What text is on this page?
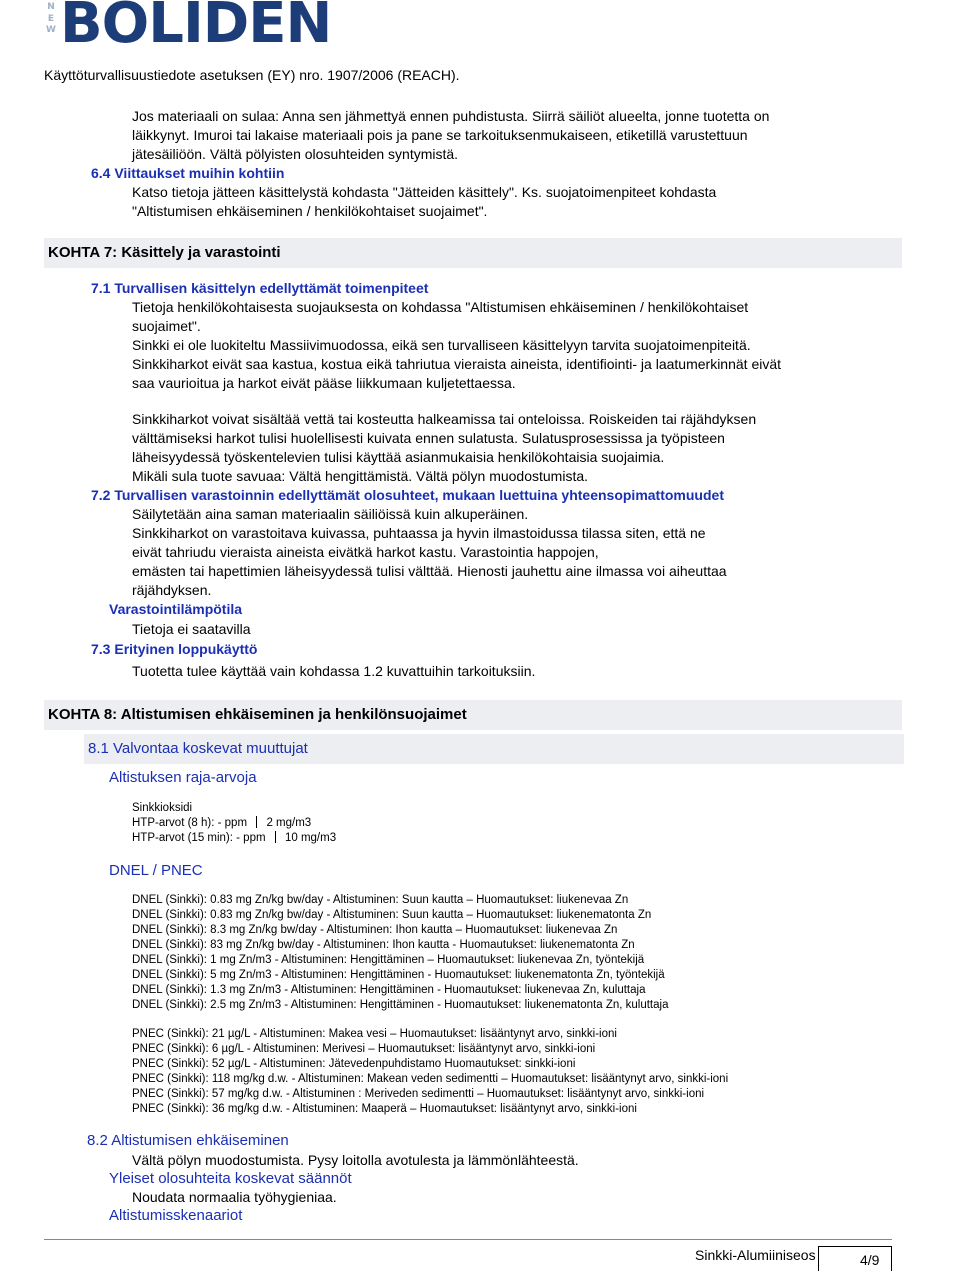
N
E
W BOLIDEN
Käyttöturvallisuustiedote asetuksen (EY) nro. 1907/2006 (REACH).
Jos materiaali on sulaa: Anna sen jähmettyä ennen puhdistusta. Siirrä säiliöt alueelta, jonne tuotetta on
läikkynyt. Imuroi tai lakaise materiaali pois ja pane se tarkoituksenmukaiseen, etiketillä varustettuun
jätesäiliöön. Vältä pölyisten olosuhteiden syntymistä.
6.4 Viittaukset muihin kohtiin
Katso tietoja jätteen käsittelystä kohdasta "Jätteiden käsittely". Ks. suojatoimenpiteet kohdasta
"Altistumisen ehkäiseminen / henkilökohtaiset suojaimet".
KOHTA 7: Käsittely ja varastointi
7.1 Turvallisen käsittelyn edellyttämät toimenpiteet
Tietoja henkilökohtaisesta suojauksesta on kohdassa "Altistumisen ehkäiseminen / henkilökohtaiset
suojaimet".
Sinkki ei ole luokiteltu Massiivimuodossa, eikä sen turvalliseen käsittelyyn tarvita suojatoimenpiteitä.
Sinkkiharkot eivät saa kastua, kostua eikä tahriutua vieraista aineista, identifiointi- ja laatumerkinnät eivät
saa vaurioitua ja harkot eivät pääse liikkumaan kuljetettaessa.
Sinkkiharkot voivat sisältää vettä tai kosteutta halkeamissa tai onteloissa. Roiskeiden tai räjähdyksen
välttämiseksi harkot tulisi huolellisesti kuivata ennen sulatusta. Sulatusprosessissa ja työpisteen
läheisyydessä työskentelevien tulisi käyttää asianmukaisia henkilökohtaisia suojaimia.
Mikäli sula tuote savuaa: Vältä hengittämistä. Vältä pölyn muodostumista.
7.2 Turvallisen varastoinnin edellyttämät olosuhteet, mukaan luettuina yhteensopimattomuudet
Säilytetään aina saman materiaalin säiliöissä kuin alkuperäinen.
Sinkkiharkot on varastoitava kuivassa, puhtaassa ja hyvin ilmastoidussa tilassa siten, että ne
eivät tahriudu vieraista aineista eivätkä harkot kastu. Varastointia happojen,
emästen tai hapettimien läheisyydessä tulisi välttää. Hienosti jauhettu aine ilmassa voi aiheuttaa
räjähdyksen.
Varastointilämpötila
Tietoja ei saatavilla
7.3 Erityinen loppukäyttö
Tuotetta tulee käyttää vain kohdassa 1.2 kuvattuihin tarkoituksiin.
KOHTA 8: Altistumisen ehkäiseminen ja henkilönsuojaimet
8.1 Valvontaa koskevat muuttujat
Altistuksen raja-arvoja
Sinkkioksidi
HTP-arvot (8 h): - ppm 2 mg/m3
HTP-arvot (15 min): - ppm 10 mg/m3
DNEL / PNEC
DNEL (Sinkki): 0.83 mg Zn/kg bw/day - Altistuminen: Suun kautta – Huomautukset: liukenevaa Zn
DNEL (Sinkki): 0.83 mg Zn/kg bw/day - Altistuminen: Suun kautta – Huomautukset: liukenematonta Zn
DNEL (Sinkki): 8.3 mg Zn/kg bw/day - Altistuminen: Ihon kautta – Huomautukset: liukenevaa Zn
DNEL (Sinkki): 83 mg Zn/kg bw/day - Altistuminen: Ihon kautta - Huomautukset: liukenematonta Zn
DNEL (Sinkki): 1 mg Zn/m3 - Altistuminen: Hengittäminen – Huomautukset: liukenevaa Zn, työntekijä
DNEL (Sinkki): 5 mg Zn/m3 - Altistuminen: Hengittäminen - Huomautukset: liukenematonta Zn, työntekijä
DNEL (Sinkki): 1.3 mg Zn/m3 - Altistuminen: Hengittäminen - Huomautukset: liukenevaa Zn, kuluttaja
DNEL (Sinkki): 2.5 mg Zn/m3 - Altistuminen: Hengittäminen - Huomautukset: liukenematonta Zn, kuluttaja
PNEC (Sinkki): 21 µg/L - Altistuminen: Makea vesi – Huomautukset: lisääntynyt arvo, sinkki-ioni
PNEC (Sinkki): 6 µg/L - Altistuminen: Merivesi – Huomautukset: lisääntynyt arvo, sinkki-ioni
PNEC (Sinkki): 52 µg/L - Altistuminen: Jätevedenpuhdistamo Huomautukset: sinkki-ioni
PNEC (Sinkki): 118 mg/kg d.w. - Altistuminen: Makean veden sedimentti – Huomautukset: lisääntynyt arvo, sinkki-ioni
PNEC (Sinkki): 57 mg/kg d.w. - Altistuminen : Meriveden sedimentti – Huomautukset: lisääntynyt arvo, sinkki-ioni
PNEC (Sinkki): 36 mg/kg d.w. - Altistuminen: Maaperä – Huomautukset: lisääntynyt arvo, sinkki-ioni
8.2 Altistumisen ehkäiseminen
Vältä pölyn muodostumista. Pysy loitolla avotulesta ja lämmönlähteestä.
Yleiset olosuhteita koskevat säännöt
Noudata normaalia työhygieniaa.
Altistumisskenaariot
Sinkki-Alumiiniseos	4/9
